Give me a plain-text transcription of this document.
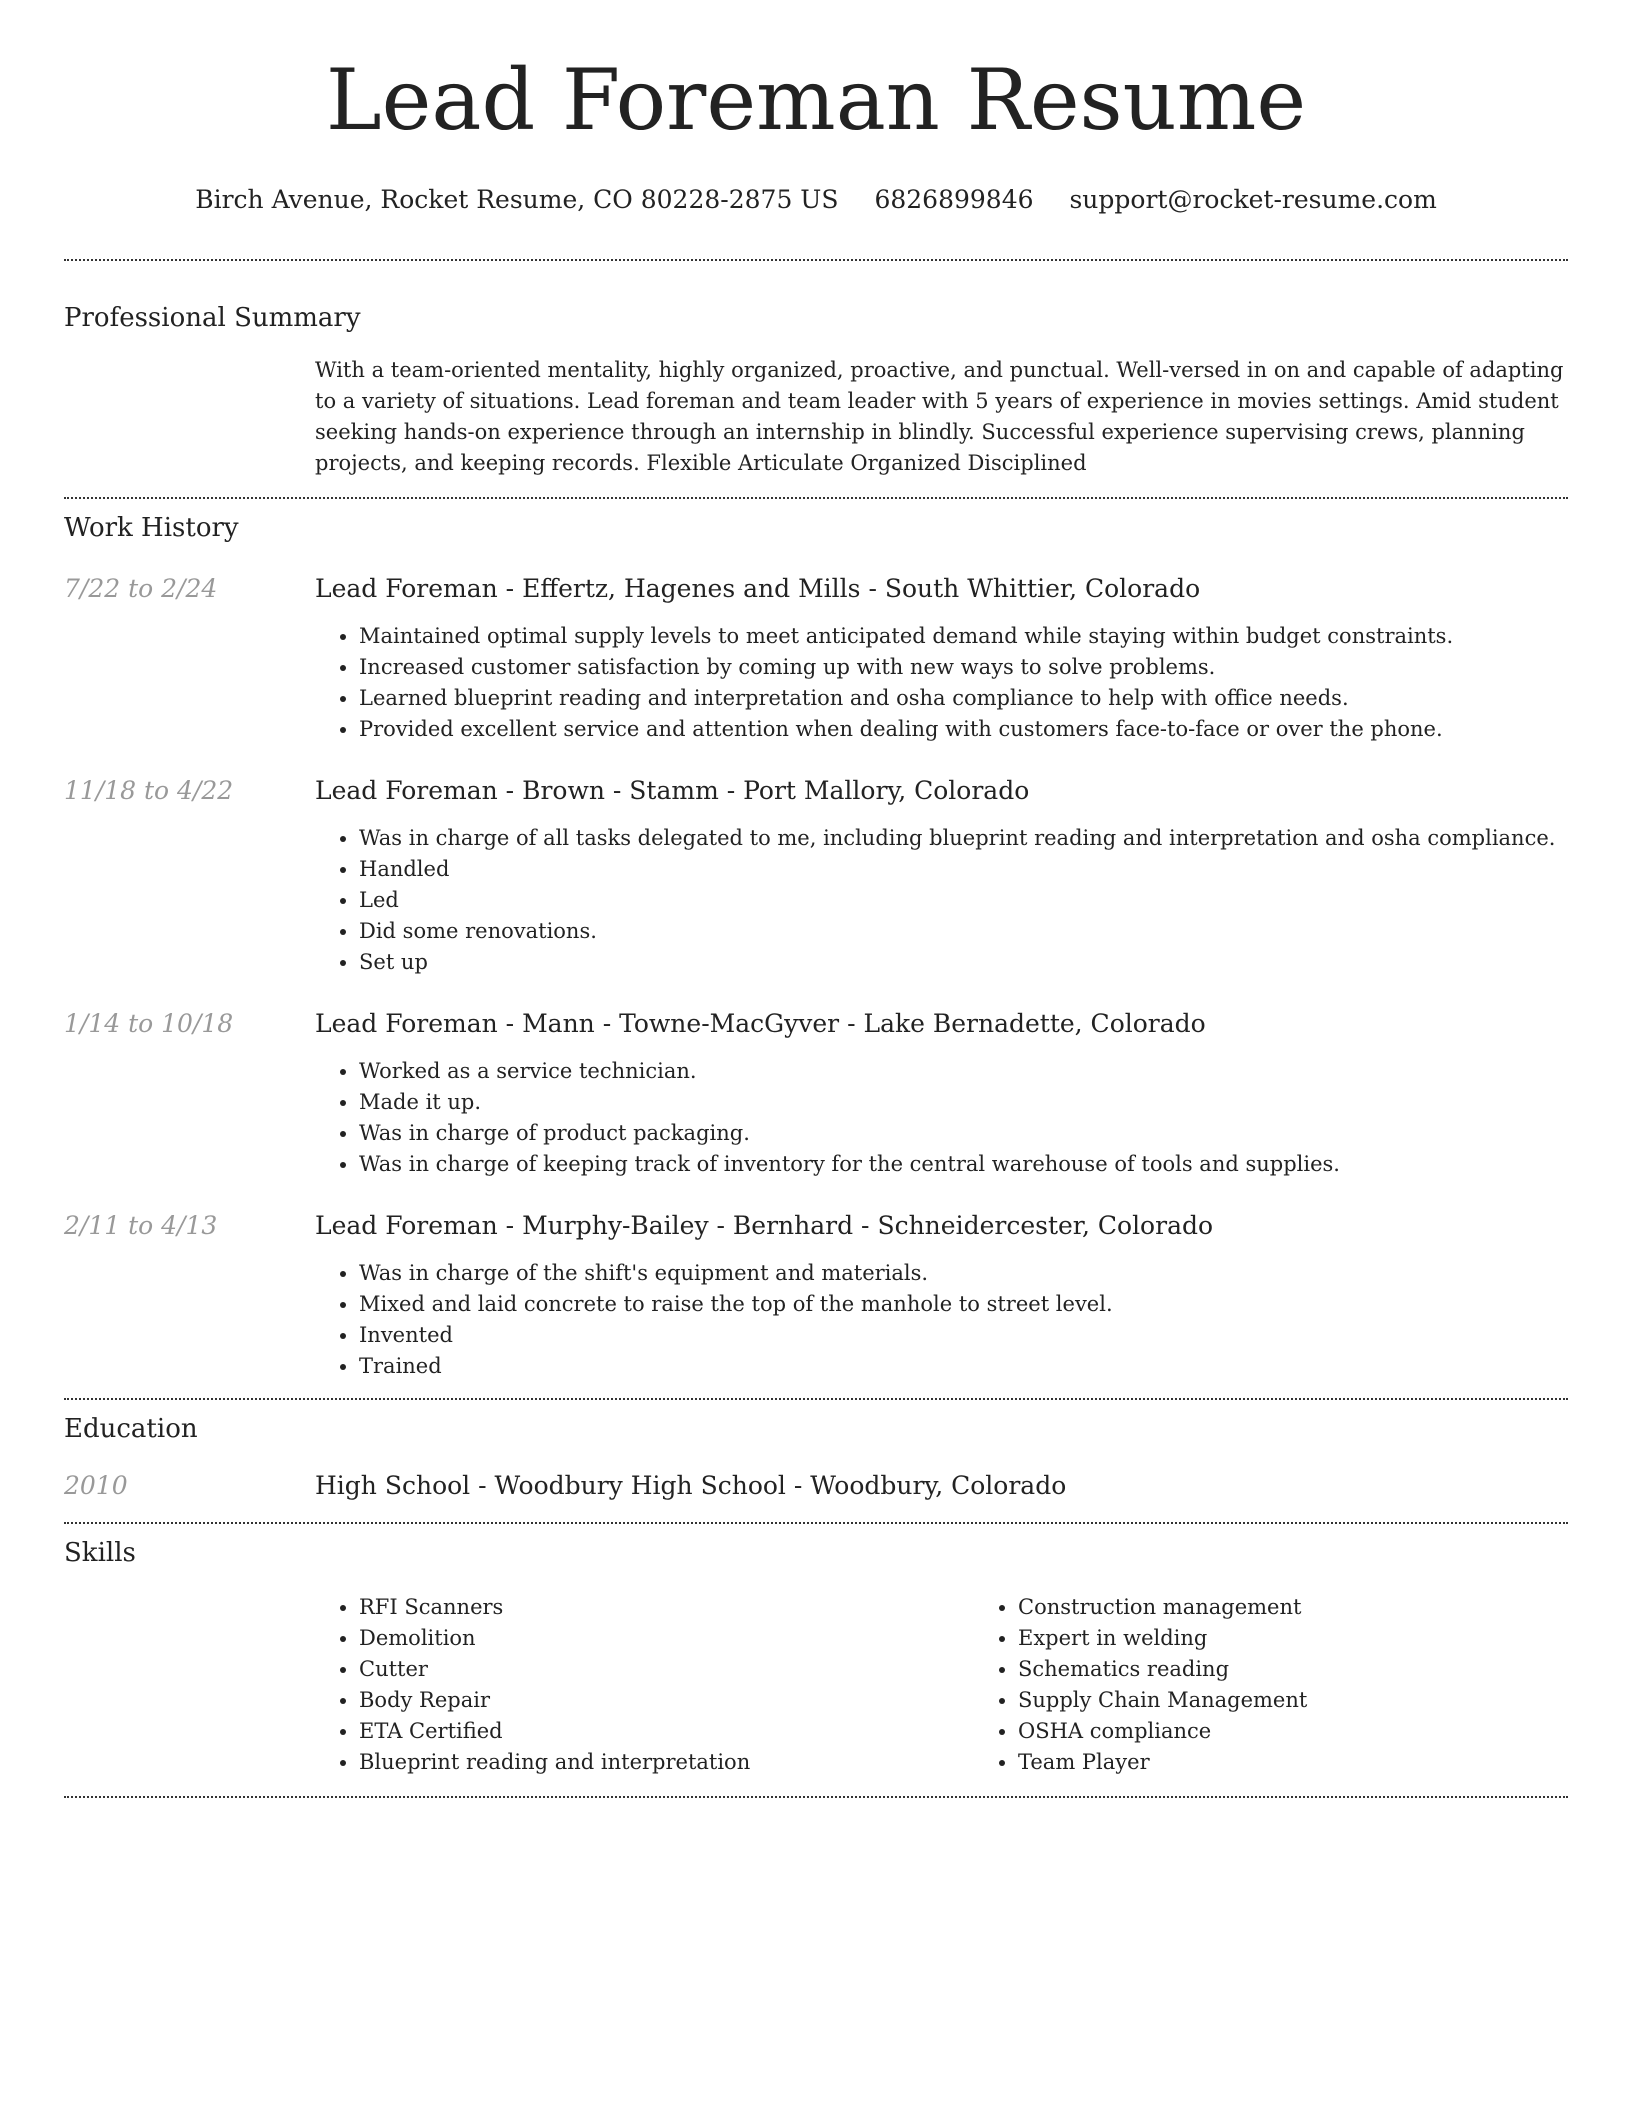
Lead Foreman Resume
Birch Avenue, Rocket Resume, CO 80228-2875 US 6826899846 support@rocket-resume.com
Professional Summary
With a team-oriented mentality, highly organized, proactive, and punctual. Well-versed in on and capable of adapting to a variety of situations. Lead foreman and team leader with 5 years of experience in movies settings. Amid student seeking hands-on experience through an internship in blindly. Successful experience supervising crews, planning projects, and keeping records. Flexible Articulate Organized Disciplined
Work History
7/22 to 2/24	Lead Foreman - Effertz, Hagenes and Mills - South Whittier, Colorado
• Maintained optimal supply levels to meet anticipated demand while staying within budget constraints.
• Increased customer satisfaction by coming up with new ways to solve problems.
• Learned blueprint reading and interpretation and osha compliance to help with office needs.
• Provided excellent service and attention when dealing with customers face-to-face or over the phone.
11/18 to 4/22	Lead Foreman - Brown - Stamm - Port Mallory, Colorado
• Was in charge of all tasks delegated to me, including blueprint reading and interpretation and osha compliance.
• Handled
• Led
• Did some renovations.
• Set up
1/14 to 10/18	Lead Foreman - Mann - Towne-MacGyver - Lake Bernadette, Colorado
• Worked as a service technician.
• Made it up.
• Was in charge of product packaging.
• Was in charge of keeping track of inventory for the central warehouse of tools and supplies.
2/11 to 4/13	Lead Foreman - Murphy-Bailey - Bernhard - Schneidercester, Colorado
• Was in charge of the shift's equipment and materials.
• Mixed and laid concrete to raise the top of the manhole to street level.
• Invented
• Trained
Education
2010	High School - Woodbury High School - Woodbury, Colorado
Skills
• RFI Scanners
• Demolition
• Cutter
• Body Repair
• ETA Certified
• Blueprint reading and interpretation
• Construction management
• Expert in welding
• Schematics reading
• Supply Chain Management
• OSHA compliance
• Team Player
